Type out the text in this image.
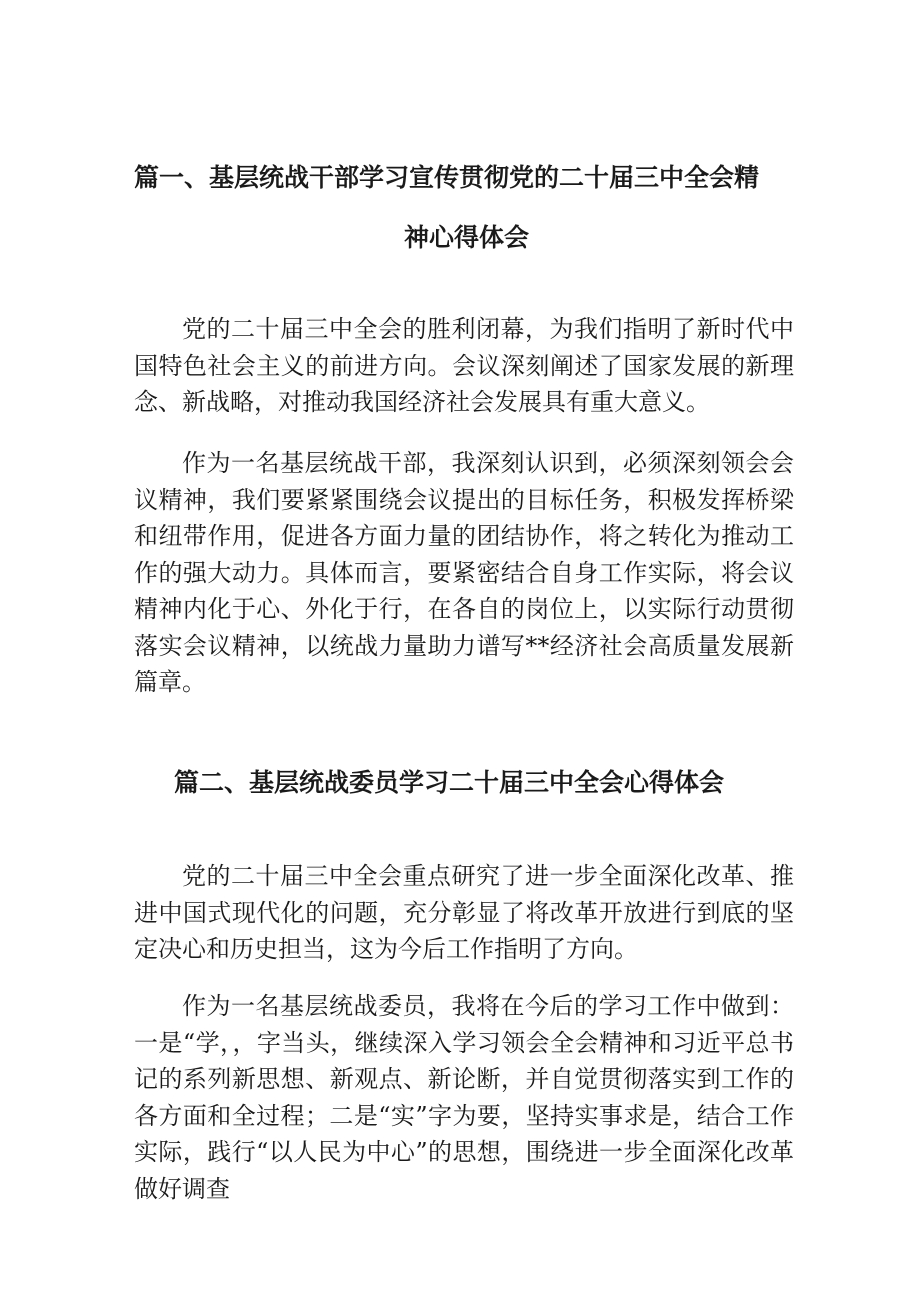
篇一、基层统战干部学习宣传贯彻党的二十届三中全会精
神心得体会

党的二十届三中全会的胜利闭幕，为我们指明了新时代中国特色社会主义的前进方向。会议深刻阐述了国家发展的新理念、新战略，对推动我国经济社会发展具有重大意义。

作为一名基层统战干部，我深刻认识到，必须深刻领会会议精神，我们要紧紧围绕会议提出的目标任务，积极发挥桥梁和纽带作用，促进各方面力量的团结协作，将之转化为推动工作的强大动力。具体而言，要紧密结合自身工作实际，将会议精神内化于心、外化于行，在各自的岗位上，以实际行动贯彻落实会议精神，以统战力量助力谱写**经济社会高质量发展新篇章。

篇二、基层统战委员学习二十届三中全会心得体会

党的二十届三中全会重点研究了进一步全面深化改革、推进中国式现代化的问题，充分彰显了将改革开放进行到底的坚定决心和历史担当，这为今后工作指明了方向。

作为一名基层统战委员，我将在今后的学习工作中做到：一是“学，，字当头，继续深入学习领会全会精神和习近平总书记的系列新思想、新观点、新论断，并自觉贯彻落实到工作的各方面和全过程；二是“实”字为要，坚持实事求是，结合工作实际，践行“以人民为中心”的思想，围绕进一步全面深化改革做好调查
